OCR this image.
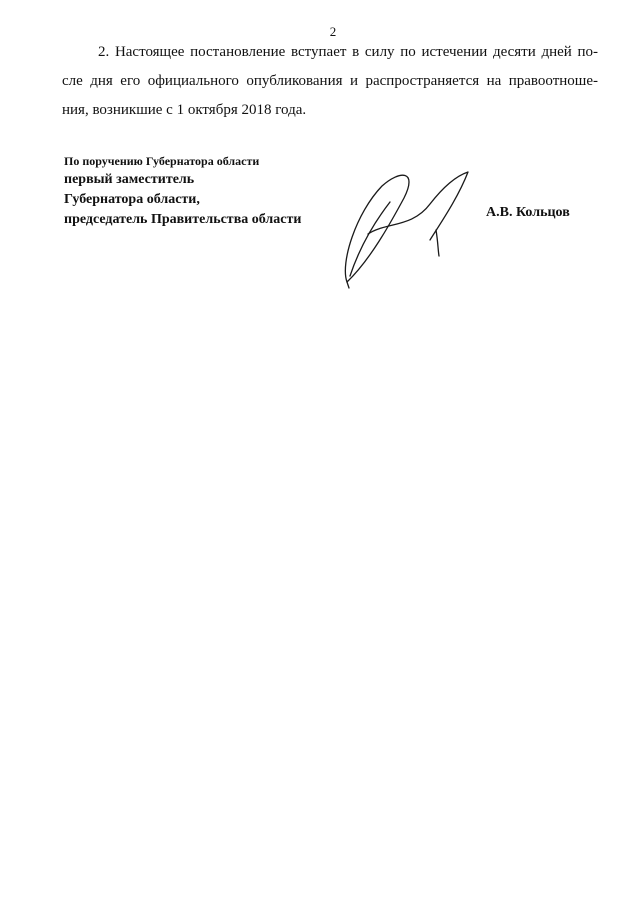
2

2. Настоящее постановление вступает в силу по истечении десяти дней по-
сле дня его официального опубликования и распространяется на правоотноше-
ния, возникшие с 1 октября 2018 года.

По поручению Губернатора области
первый заместитель
Губернатора области,
председатель Правительства области	А.В. Кольцов
